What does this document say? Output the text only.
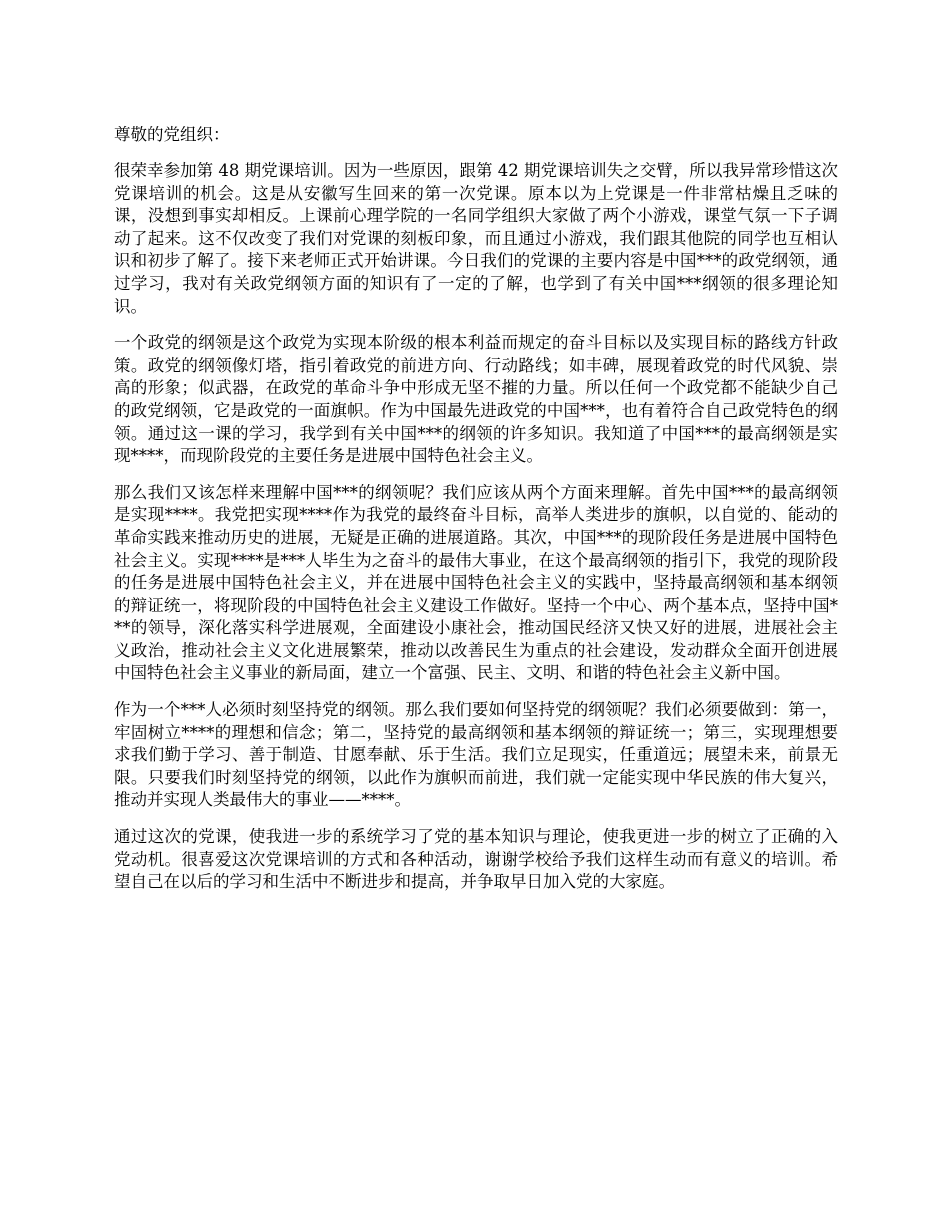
尊敬的党组织：

很荣幸参加第 48 期党课培训。因为一些原因，跟第 42 期党课培训失之交臂，所以我异常珍惜这次党课培训的机会。这是从安徽写生回来的第一次党课。原本以为上党课是一件非常枯燥且乏味的课，没想到事实却相反。上课前心理学院的一名同学组织大家做了两个小游戏，课堂气氛一下子调动了起来。这不仅改变了我们对党课的刻板印象，而且通过小游戏，我们跟其他院的同学也互相认识和初步了解了。接下来老师正式开始讲课。今日我们的党课的主要内容是中国***的政党纲领，通过学习，我对有关政党纲领方面的知识有了一定的了解，也学到了有关中国***纲领的很多理论知识。

一个政党的纲领是这个政党为实现本阶级的根本利益而规定的奋斗目标以及实现目标的路线方针政策。政党的纲领像灯塔，指引着政党的前进方向、行动路线；如丰碑，展现着政党的时代风貌、崇高的形象；似武器，在政党的革命斗争中形成无坚不摧的力量。所以任何一个政党都不能缺少自己的政党纲领，它是政党的一面旗帜。作为中国最先进政党的中国***，也有着符合自己政党特色的纲领。通过这一课的学习，我学到有关中国***的纲领的许多知识。我知道了中国***的最高纲领是实现****，而现阶段党的主要任务是进展中国特色社会主义。

那么我们又该怎样来理解中国***的纲领呢？我们应该从两个方面来理解。首先中国***的最高纲领是实现****。我党把实现****作为我党的最终奋斗目标，高举人类进步的旗帜，以自觉的、能动的革命实践来推动历史的进展，无疑是正确的进展道路。其次，中国***的现阶段任务是进展中国特色社会主义。实现****是***人毕生为之奋斗的最伟大事业，在这个最高纲领的指引下，我党的现阶段的任务是进展中国特色社会主义，并在进展中国特色社会主义的实践中，坚持最高纲领和基本纲领的辩证统一，将现阶段的中国特色社会主义建设工作做好。坚持一个中心、两个基本点，坚持中国***的领导，深化落实科学进展观，全面建设小康社会，推动国民经济又快又好的进展，进展社会主义政治，推动社会主义文化进展繁荣，推动以改善民生为重点的社会建设，发动群众全面开创进展中国特色社会主义事业的新局面，建立一个富强、民主、文明、和谐的特色社会主义新中国。

作为一个***人必须时刻坚持党的纲领。那么我们要如何坚持党的纲领呢？我们必须要做到：第一，牢固树立****的理想和信念；第二，坚持党的最高纲领和基本纲领的辩证统一；第三，实现理想要求我们勤于学习、善于制造、甘愿奉献、乐于生活。我们立足现实，任重道远；展望未来，前景无限。只要我们时刻坚持党的纲领，以此作为旗帜而前进，我们就一定能实现中华民族的伟大复兴，推动并实现人类最伟大的事业——****。

通过这次的党课，使我进一步的系统学习了党的基本知识与理论，使我更进一步的树立了正确的入党动机。很喜爱这次党课培训的方式和各种活动，谢谢学校给予我们这样生动而有意义的培训。希望自己在以后的学习和生活中不断进步和提高，并争取早日加入党的大家庭。
